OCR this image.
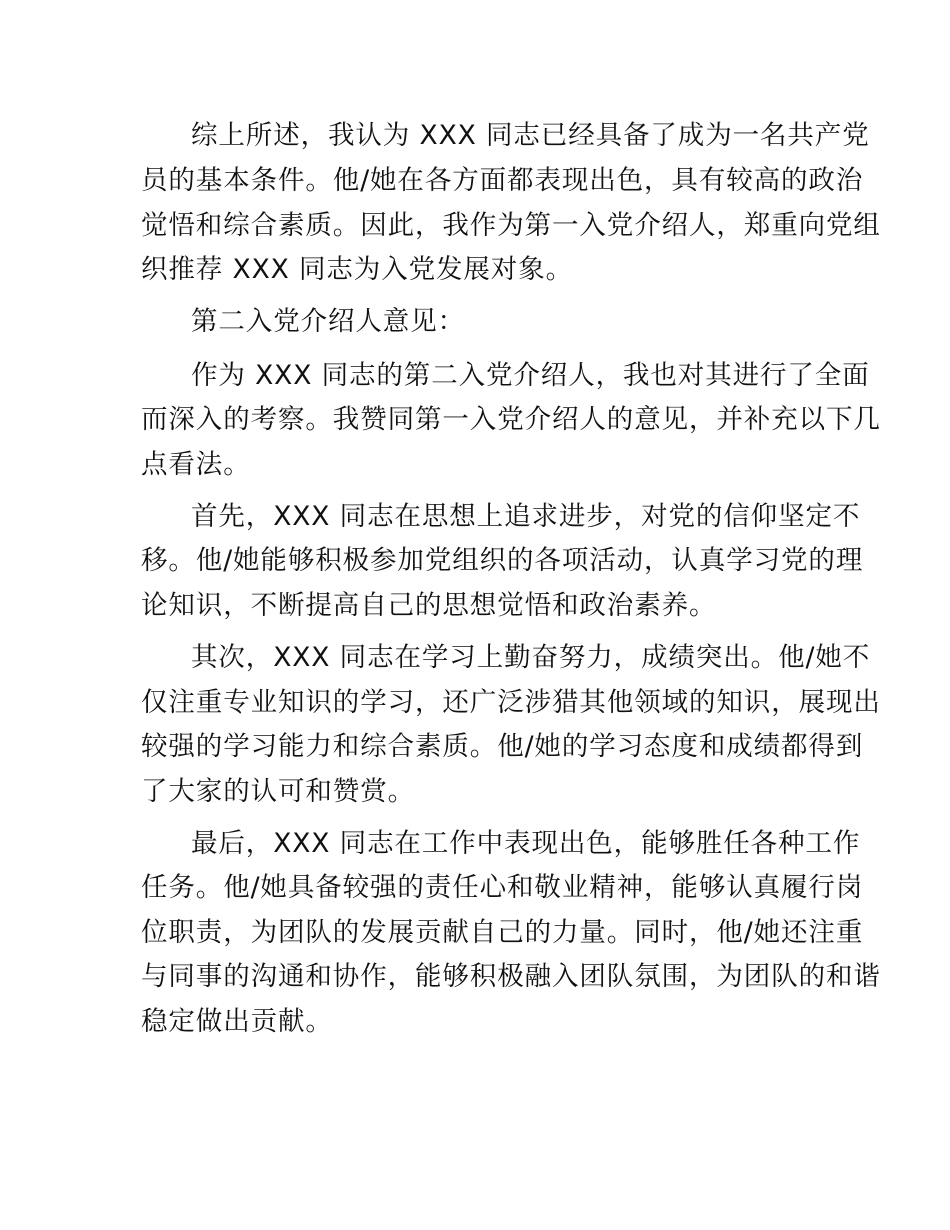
综上所述，我认为 XXX 同志已经具备了成为一名共产党
员的基本条件。他/她在各方面都表现出色，具有较高的政治
觉悟和综合素质。因此，我作为第一入党介绍人，郑重向党组
织推荐 XXX 同志为入党发展对象。
第二入党介绍人意见：
作为 XXX 同志的第二入党介绍人，我也对其进行了全面
而深入的考察。我赞同第一入党介绍人的意见，并补充以下几
点看法。
首先，XXX 同志在思想上追求进步，对党的信仰坚定不
移。他/她能够积极参加党组织的各项活动，认真学习党的理
论知识，不断提高自己的思想觉悟和政治素养。
其次，XXX 同志在学习上勤奋努力，成绩突出。他/她不
仅注重专业知识的学习，还广泛涉猎其他领域的知识，展现出
较强的学习能力和综合素质。他/她的学习态度和成绩都得到
了大家的认可和赞赏。
最后，XXX 同志在工作中表现出色，能够胜任各种工作
任务。他/她具备较强的责任心和敬业精神，能够认真履行岗
位职责，为团队的发展贡献自己的力量。同时，他/她还注重
与同事的沟通和协作，能够积极融入团队氛围，为团队的和谐
稳定做出贡献。
